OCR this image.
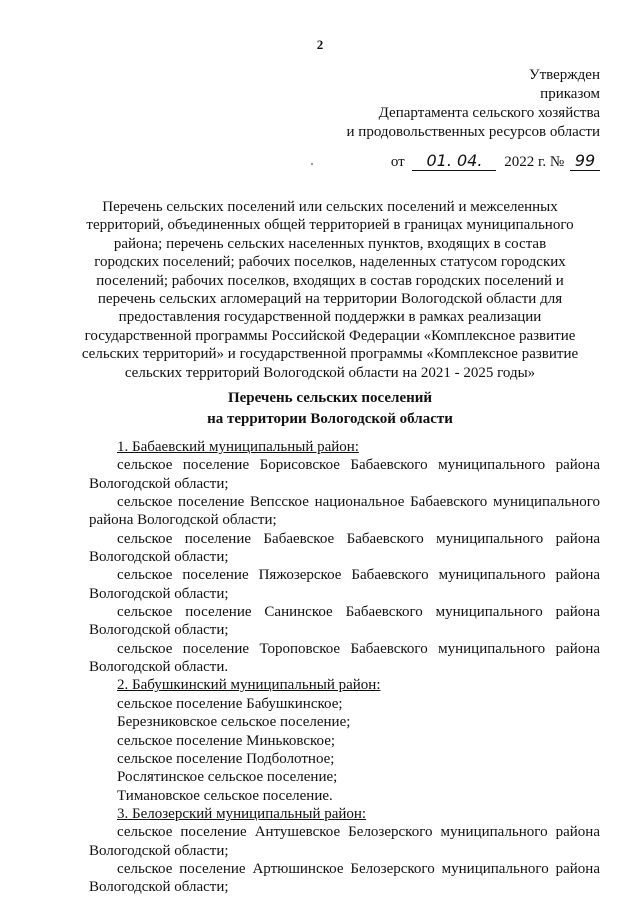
2
Утвержден
приказом
Департамента сельского хозяйства
и продовольственных ресурсов области
от 01. 04. 2022 г. № 99
Перечень сельских поселений или сельских поселений и межселенных
территорий, объединенных общей территорией в границах муниципального
района; перечень сельских населенных пунктов, входящих в состав
городских поселений; рабочих поселков, наделенных статусом городских
поселений; рабочих поселков, входящих в состав городских поселений и
перечень сельских агломераций на территории Вологодской области для
предоставления государственной поддержки в рамках реализации
государственной программы Российской Федерации «Комплексное развитие
сельских территорий» и государственной программы «Комплексное развитие
сельских территорий Вологодской области на 2021 - 2025 годы»
Перечень сельских поселений
на территории Вологодской области

1. Бабаевский муниципальный район:

сельское поселение Борисовское Бабаевского муниципального района Вологодской области;

сельское поселение Вепсское национальное Бабаевского муниципального района Вологодской области;

сельское поселение Бабаевское Бабаевского муниципального района Вологодской области;

сельское поселение Пяжозерское Бабаевского муниципального района Вологодской области;

сельское поселение Санинское Бабаевского муниципального района Вологодской области;

сельское поселение Тороповское Бабаевского муниципального района Вологодской области.

2. Бабушкинский муниципальный район:

сельское поселение Бабушкинское;

Березниковское сельское поселение;

сельское поселение Миньковское;

сельское поселение Подболотное;

Рослятинское сельское поселение;

Тимановское сельское поселение.

3. Белозерский муниципальный район:

сельское поселение Антушевское Белозерского муниципального района Вологодской области;

сельское поселение Артюшинское Белозерского муниципального района Вологодской области;
